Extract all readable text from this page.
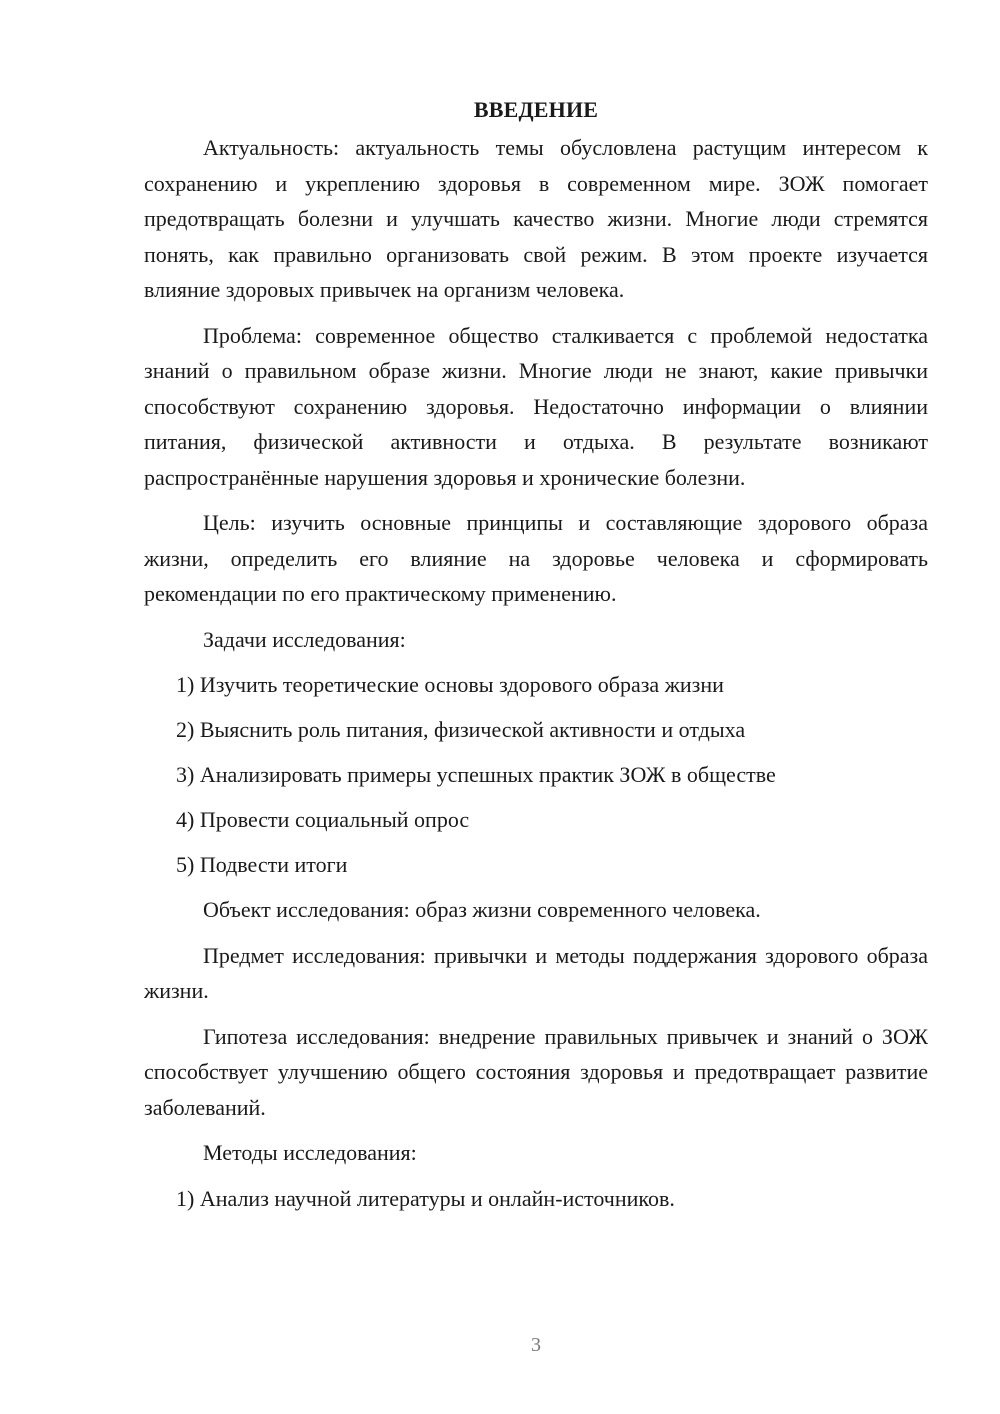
ВВЕДЕНИЕ

Актуальность: актуальность темы обусловлена растущим интересом к сохранению и укреплению здоровья в современном мире. ЗОЖ помогает предотвращать болезни и улучшать качество жизни. Многие люди стремятся понять, как правильно организовать свой режим. В этом проекте изучается влияние здоровых привычек на организм человека.

Проблема: современное общество сталкивается с проблемой недостатка знаний о правильном образе жизни. Многие люди не знают, какие привычки способствуют сохранению здоровья. Недостаточно информации о влиянии питания, физической активности и отдыха. В результате возникают распространённые нарушения здоровья и хронические болезни.

Цель: изучить основные принципы и составляющие здорового образа жизни, определить его влияние на здоровье человека и сформировать рекомендации по его практическому применению.

Задачи исследования:

1) Изучить теоретические основы здорового образа жизни
2) Выяснить роль питания, физической активности и отдыха
3) Анализировать примеры успешных практик ЗОЖ в обществе
4) Провести социальный опрос
5) Подвести итоги

Объект исследования: образ жизни современного человека.

Предмет исследования: привычки и методы поддержания здорового образа жизни.

Гипотеза исследования: внедрение правильных привычек и знаний о ЗОЖ способствует улучшению общего состояния здоровья и предотвращает развитие заболеваний.

Методы исследования:

1) Анализ научной литературы и онлайн-источников.
3
